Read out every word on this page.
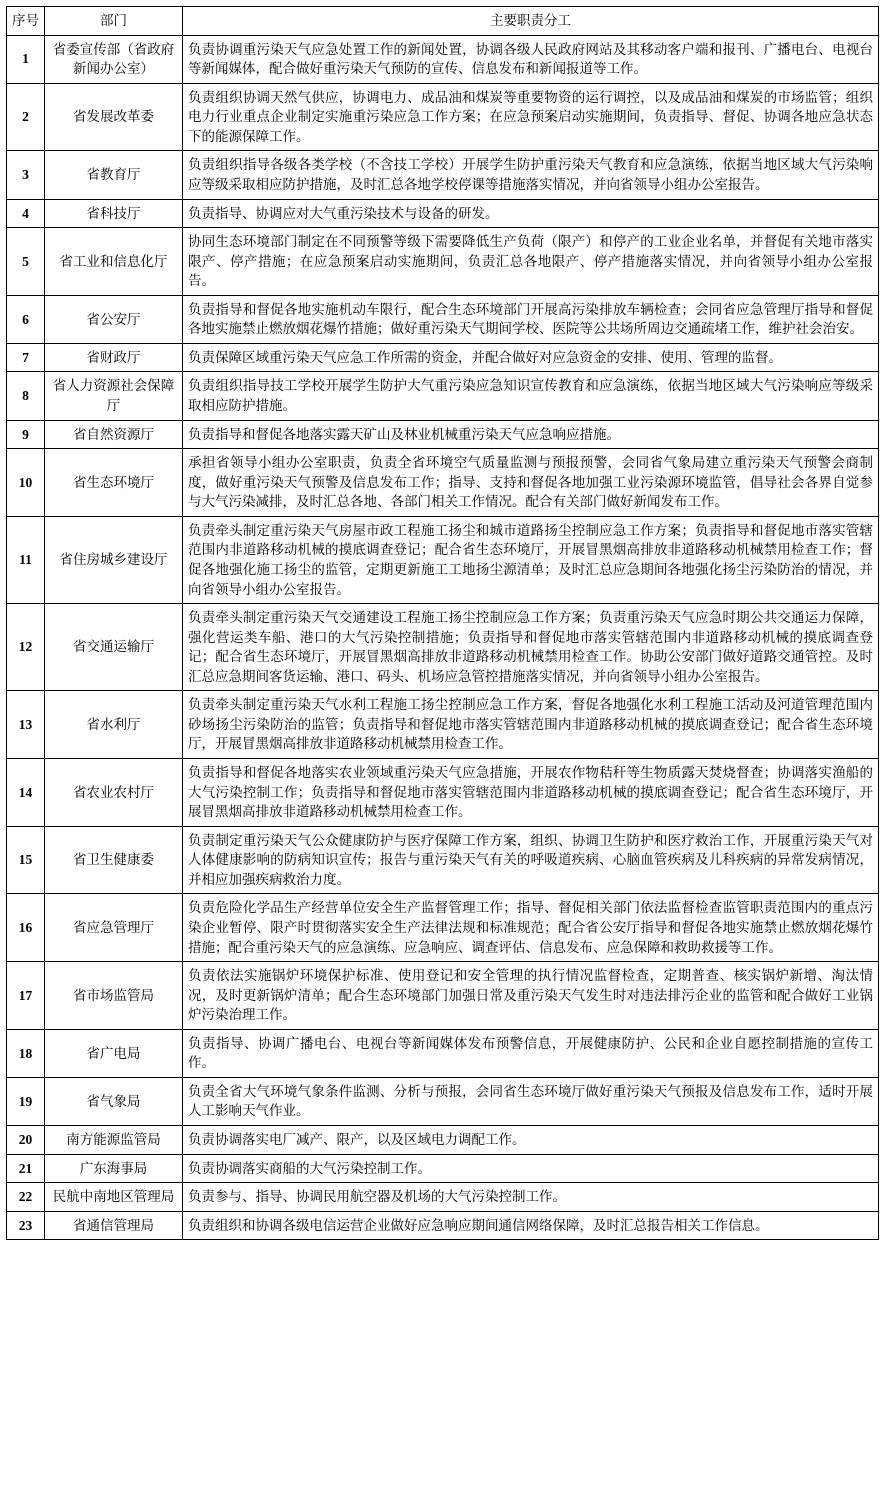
序号	部门	主要职责分工
1	省委宣传部（省政府新闻办公室）	负责协调重污染天气应急处置工作的新闻处置，协调各级人民政府网站及其移动客户端和报刊、广播电台、电视台等新闻媒体，配合做好重污染天气预防的宣传、信息发布和新闻报道等工作。
2	省发展改革委	负责组织协调天然气供应，协调电力、成品油和煤炭等重要物资的运行调控，以及成品油和煤炭的市场监管；组织电力行业重点企业制定实施重污染应急工作方案；在应急预案启动实施期间，负责指导、督促、协调各地应急状态下的能源保障工作。
3	省教育厅	负责组织指导各级各类学校（不含技工学校）开展学生防护重污染天气教育和应急演练，依据当地区域大气污染响应等级采取相应防护措施，及时汇总各地学校停课等措施落实情况，并向省领导小组办公室报告。
4	省科技厅	负责指导、协调应对大气重污染技术与设备的研发。
5	省工业和信息化厅	协同生态环境部门制定在不同预警等级下需要降低生产负荷（限产）和停产的工业企业名单，并督促有关地市落实限产、停产措施；在应急预案启动实施期间，负责汇总各地限产、停产措施落实情况，并向省领导小组办公室报告。
6	省公安厅	负责指导和督促各地实施机动车限行，配合生态环境部门开展高污染排放车辆检查；会同省应急管理厅指导和督促各地实施禁止燃放烟花爆竹措施；做好重污染天气期间学校、医院等公共场所周边交通疏堵工作，维护社会治安。
7	省财政厅	负责保障区域重污染天气应急工作所需的资金，并配合做好对应急资金的安排、使用、管理的监督。
8	省人力资源社会保障厅	负责组织指导技工学校开展学生防护大气重污染应急知识宣传教育和应急演练，依据当地区域大气污染响应等级采取相应防护措施。
9	省自然资源厅	负责指导和督促各地落实露天矿山及林业机械重污染天气应急响应措施。
10	省生态环境厅	承担省领导小组办公室职责，负责全省环境空气质量监测与预报预警，会同省气象局建立重污染天气预警会商制度，做好重污染天气预警及信息发布工作；指导、支持和督促各地加强工业污染源环境监管，倡导社会各界自觉参与大气污染减排，及时汇总各地、各部门相关工作情况。配合有关部门做好新闻发布工作。
11	省住房城乡建设厅	负责牵头制定重污染天气房屋市政工程施工扬尘和城市道路扬尘控制应急工作方案；负责指导和督促地市落实管辖范围内非道路移动机械的摸底调查登记；配合省生态环境厅，开展冒黑烟高排放非道路移动机械禁用检查工作；督促各地强化施工扬尘的监管，定期更新施工工地扬尘源清单；及时汇总应急期间各地强化扬尘污染防治的情况，并向省领导小组办公室报告。
12	省交通运输厅	负责牵头制定重污染天气交通建设工程施工扬尘控制应急工作方案；负责重污染天气应急时期公共交通运力保障，强化营运类车船、港口的大气污染控制措施；负责指导和督促地市落实管辖范围内非道路移动机械的摸底调查登记；配合省生态环境厅，开展冒黑烟高排放非道路移动机械禁用检查工作。协助公安部门做好道路交通管控。及时汇总应急期间客货运输、港口、码头、机场应急管控措施落实情况，并向省领导小组办公室报告。
13	省水利厅	负责牵头制定重污染天气水利工程施工扬尘控制应急工作方案，督促各地强化水利工程施工活动及河道管理范围内砂场扬尘污染防治的监管；负责指导和督促地市落实管辖范围内非道路移动机械的摸底调查登记；配合省生态环境厅，开展冒黑烟高排放非道路移动机械禁用检查工作。
14	省农业农村厅	负责指导和督促各地落实农业领域重污染天气应急措施，开展农作物秸秆等生物质露天焚烧督查；协调落实渔船的大气污染控制工作；负责指导和督促地市落实管辖范围内非道路移动机械的摸底调查登记；配合省生态环境厅，开展冒黑烟高排放非道路移动机械禁用检查工作。
15	省卫生健康委	负责制定重污染天气公众健康防护与医疗保障工作方案，组织、协调卫生防护和医疗救治工作，开展重污染天气对人体健康影响的防病知识宣传；报告与重污染天气有关的呼吸道疾病、心脑血管疾病及儿科疾病的异常发病情况，并相应加强疾病救治力度。
16	省应急管理厅	负责危险化学品生产经营单位安全生产监督管理工作；指导、督促相关部门依法监督检查监管职责范围内的重点污染企业暂停、限产时贯彻落实安全生产法律法规和标准规范；配合省公安厅指导和督促各地实施禁止燃放烟花爆竹措施；配合重污染天气的应急演练、应急响应、调查评估、信息发布、应急保障和救助救援等工作。
17	省市场监管局	负责依法实施锅炉环境保护标准、使用登记和安全管理的执行情况监督检查，定期普查、核实锅炉新增、淘汰情况，及时更新锅炉清单；配合生态环境部门加强日常及重污染天气发生时对违法排污企业的监管和配合做好工业锅炉污染治理工作。
18	省广电局	负责指导、协调广播电台、电视台等新闻媒体发布预警信息，开展健康防护、公民和企业自愿控制措施的宣传工作。
19	省气象局	负责全省大气环境气象条件监测、分析与预报，会同省生态环境厅做好重污染天气预报及信息发布工作，适时开展人工影响天气作业。
20	南方能源监管局	负责协调落实电厂减产、限产，以及区域电力调配工作。
21	广东海事局	负责协调落实商船的大气污染控制工作。
22	民航中南地区管理局	负责参与、指导、协调民用航空器及机场的大气污染控制工作。
23	省通信管理局	负责组织和协调各级电信运营企业做好应急响应期间通信网络保障，及时汇总报告相关工作信息。
